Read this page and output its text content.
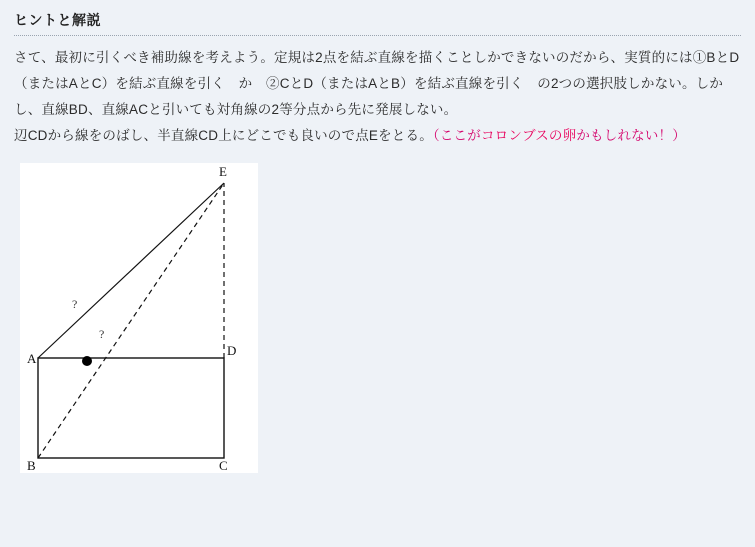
ヒントと解説

さて、最初に引くべき補助線を考えよう。定規は2点を結ぶ直線を描くことしかできないのだから、実質的には①BとD（またはAとC）を結ぶ直線を引く　か　②CとD（またはAとB）を結ぶ直線を引く　の2つの選択肢しかない。しかし、直線BD、直線ACと引いても対角線の2等分点から先に発展しない。

辺CDから線をのばし、半直線CD上にどこでも良いので点Eをとる。（ここがコロンブスの卵かもしれない！）

A
B	C
D
E
?
?
